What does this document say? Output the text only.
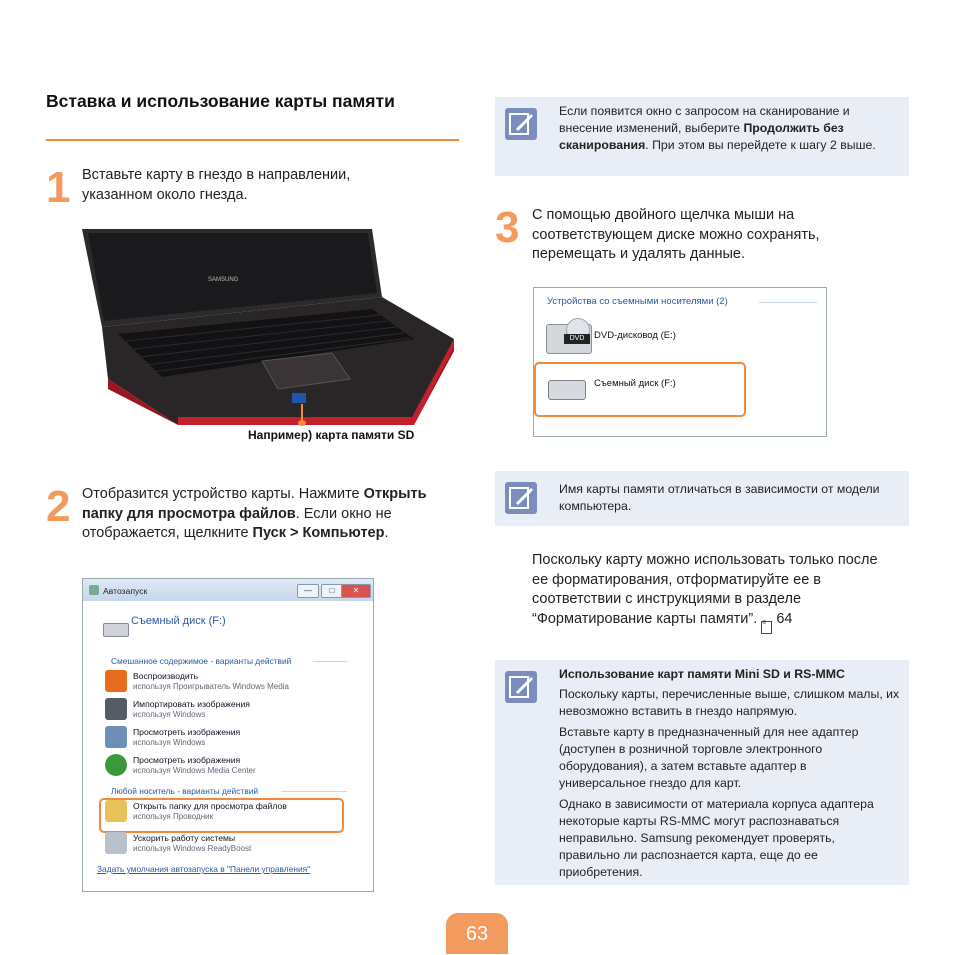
Вставка и использование карты памяти
1 Вставьте карту в гнездо в направлении, указанном около гнезда.
SAMSUNG
Например) карта памяти SD
2 Отобразится устройство карты. Нажмите Открыть папку для просмотра файлов. Если окно не отображается, щелкните Пуск > Компьютер.
Автозапуск	—	□	✕
Съемный диск (F:)
Смешанное содержимое - варианты действий
Воспроизводить
используя Проигрыватель Windows Media
Импортировать изображения
используя Windows
Просмотреть изображения
используя Windows
Просмотреть изображения
используя Windows Media Center
Любой носитель - варианты действий
Открыть папку для просмотра файлов
используя Проводник
Ускорить работу системы
используя Windows ReadyBoost
Задать умолчания автозапуска в "Панели управления"
Если появится окно с запросом на сканирование и внесение изменений, выберите Продолжить без сканирования. При этом вы перейдете к шагу 2 выше.
3 С помощью двойного щелчка мыши на соответствующем диске можно сохранять, перемещать и удалять данные.
Устройства со съемными носителями (2)
DVD	DVD-дисковод (E:)
Съемный диск (F:)
Имя карты памяти отличаться в зависимости от модели компьютера.
Поскольку карту можно использовать только после ее форматирования, отформатируйте ее в соответствии с инструкциями в разделе “Форматирование карты памяти”. ≡ 64
Использование карт памяти Mini SD и RS-MMC
Поскольку карты, перечисленные выше, слишком малы, их невозможно вставить в гнездо напрямую.
Вставьте карту в предназначенный для нее адаптер (доступен в розничной торговле электронного оборудования), а затем вставьте адаптер в универсальное гнездо для карт.
Однако в зависимости от материала корпуса адаптера некоторые карты RS-MMC могут распознаваться неправильно. Samsung рекомендует проверять, правильно ли распознается карта, еще до ее приобретения.
63
